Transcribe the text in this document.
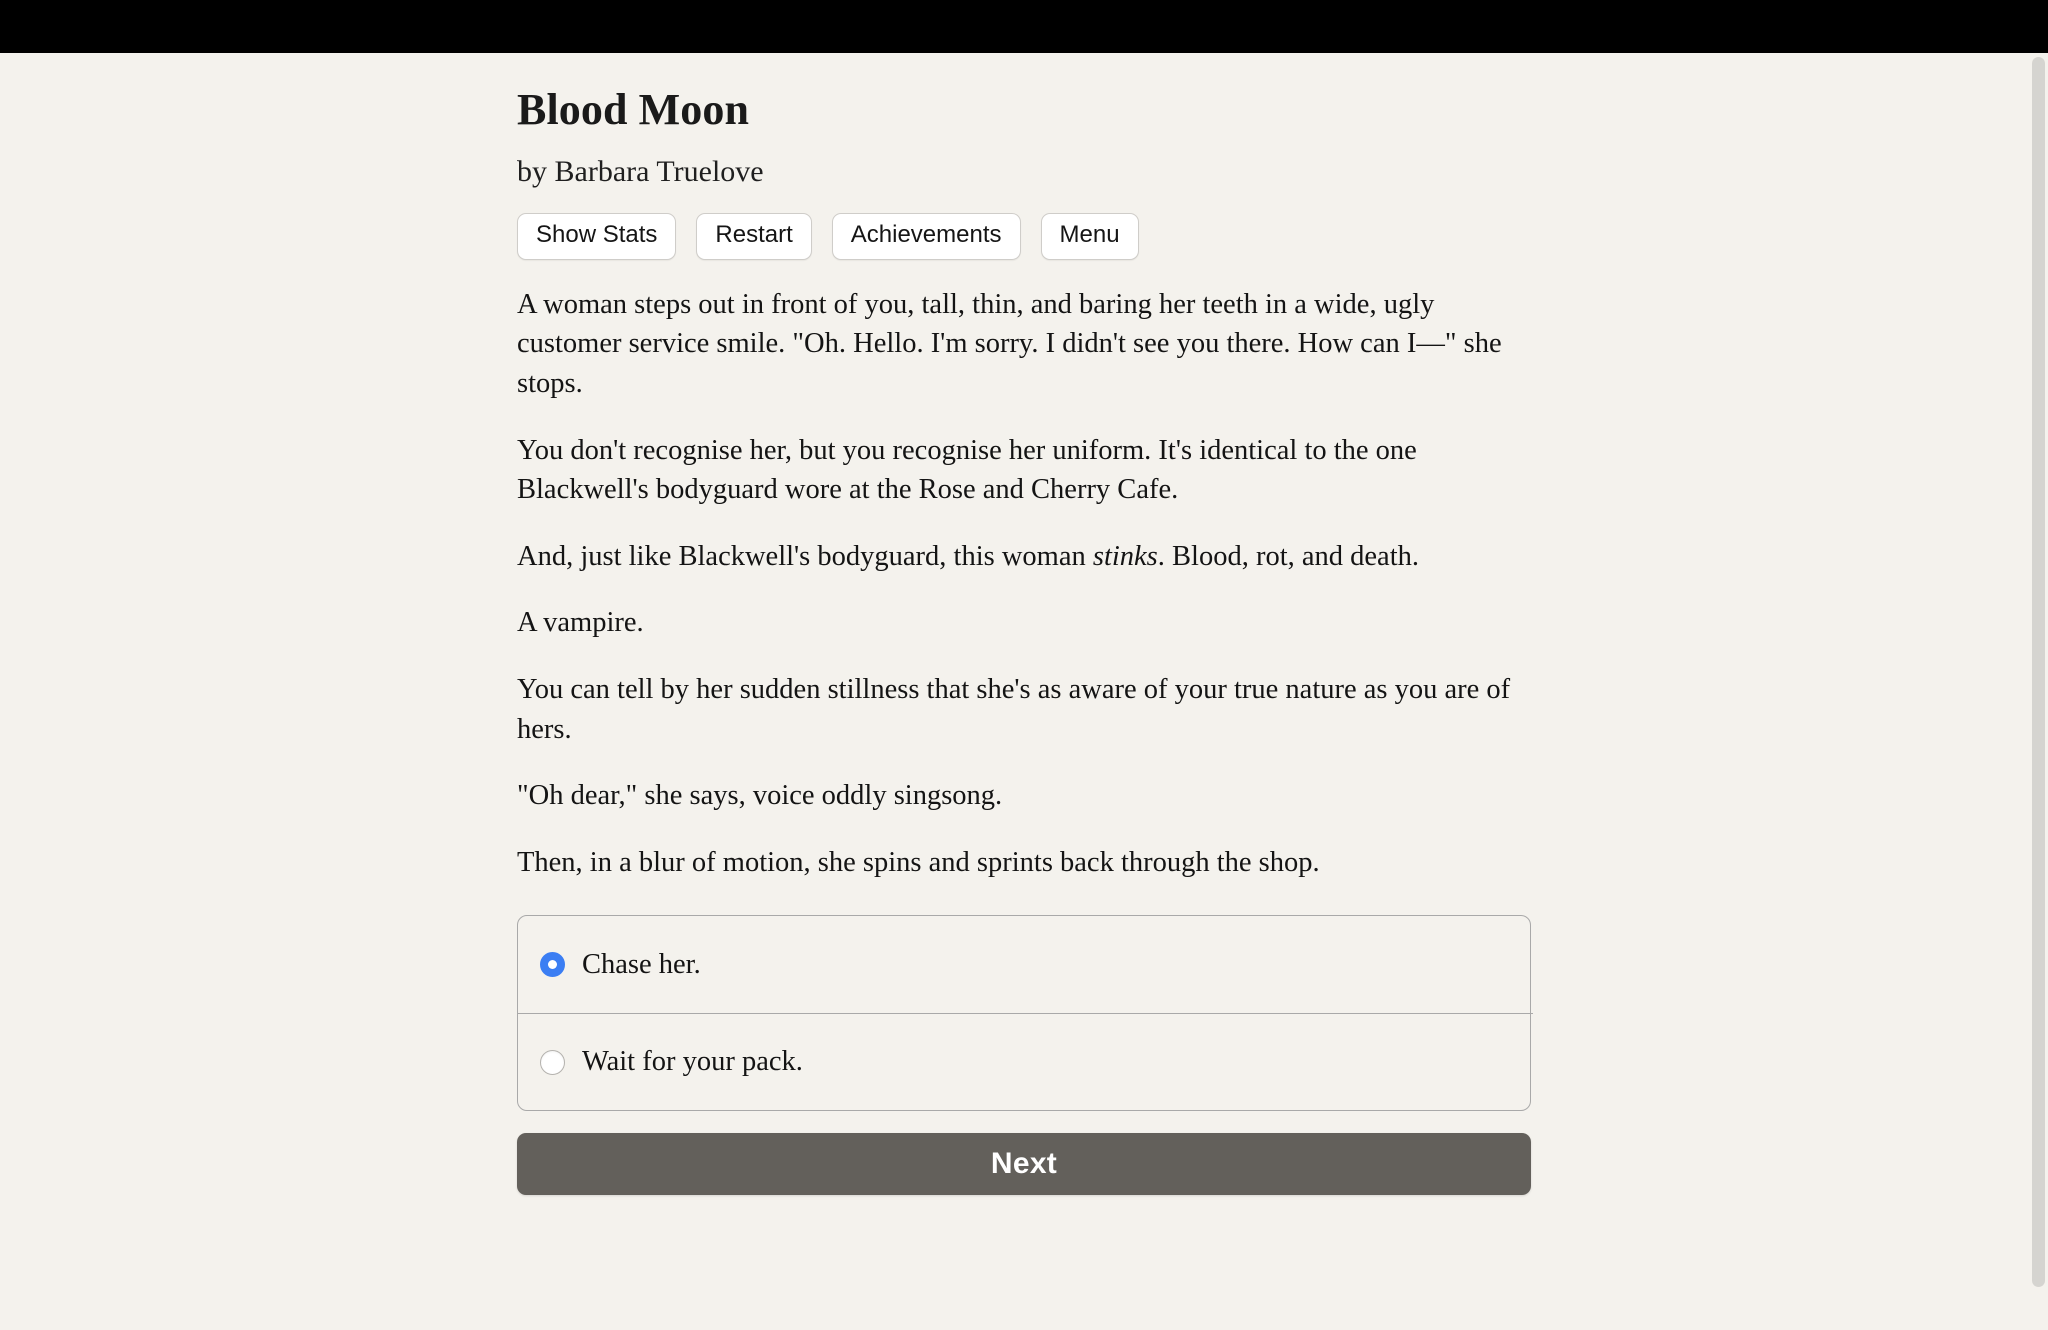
Blood Moon

by Barbara Truelove

Show Stats	Restart	Achievements	Menu

A woman steps out in front of you, tall, thin, and baring her teeth in a wide, ugly customer service smile. "Oh. Hello. I'm sorry. I didn't see you there. How can I—" she stops.

You don't recognise her, but you recognise her uniform. It's identical to the one Blackwell's bodyguard wore at the Rose and Cherry Cafe.

And, just like Blackwell's bodyguard, this woman stinks. Blood, rot, and death.

A vampire.

You can tell by her sudden stillness that she's as aware of your true nature as you are of hers.

"Oh dear," she says, voice oddly singsong.

Then, in a blur of motion, she spins and sprints back through the shop.

Chase her.
Wait for your pack.
Next
